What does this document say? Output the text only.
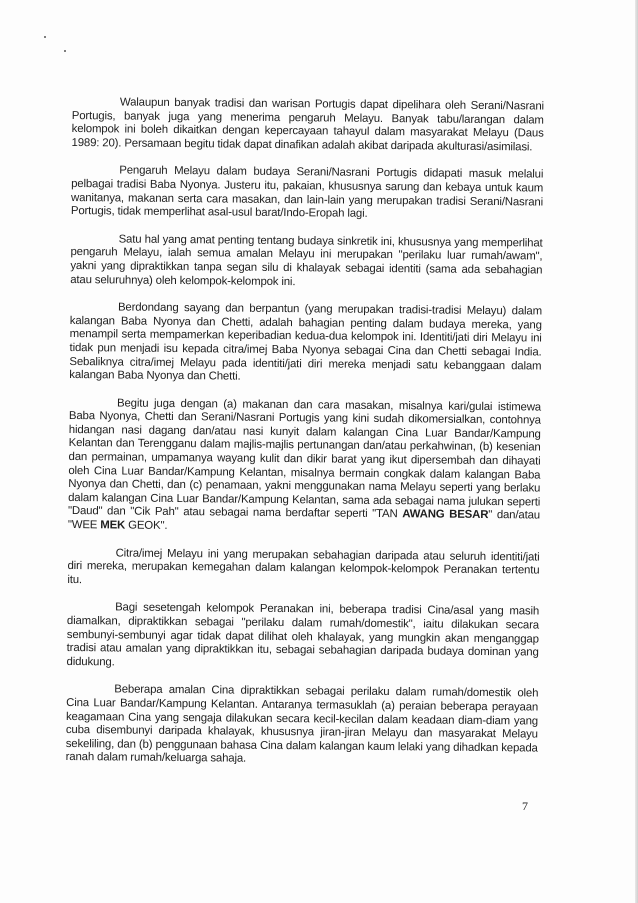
Walaupun banyak tradisi dan warisan Portugis dapat dipelihara oleh Serani/Nasrani Portugis, banyak juga yang menerima pengaruh Melayu. Banyak tabu/larangan dalam kelompok ini boleh dikaitkan dengan kepercayaan tahayul dalam masyarakat Melayu (Daus 1989: 20). Persamaan begitu tidak dapat dinafikan adalah akibat daripada akulturasi/asimilasi.

Pengaruh Melayu dalam budaya Serani/Nasrani Portugis didapati masuk melalui pelbagai tradisi Baba Nyonya. Justeru itu, pakaian, khususnya sarung dan kebaya untuk kaum wanitanya, makanan serta cara masakan, dan lain-lain yang merupakan tradisi Serani/Nasrani Portugis, tidak memperlihat asal-usul barat/Indo-Eropah lagi.

Satu hal yang amat penting tentang budaya sinkretik ini, khususnya yang memperlihat pengaruh Melayu, ialah semua amalan Melayu ini merupakan "perilaku luar rumah/awam", yakni yang dipraktikkan tanpa segan silu di khalayak sebagai identiti (sama ada sebahagian atau seluruhnya) oleh kelompok-kelompok ini.

Berdondang sayang dan berpantun (yang merupakan tradisi-tradisi Melayu) dalam kalangan Baba Nyonya dan Chetti, adalah bahagian penting dalam budaya mereka, yang menampil serta mempamerkan keperibadian kedua-dua kelompok ini. Identiti/jati diri Melayu ini tidak pun menjadi isu kepada citra/imej Baba Nyonya sebagai Cina dan Chetti sebagai India. Sebaliknya citra/imej Melayu pada identiti/jati diri mereka menjadi satu kebanggaan dalam kalangan Baba Nyonya dan Chetti.

Begitu juga dengan (a) makanan dan cara masakan, misalnya kari/gulai istimewa Baba Nyonya, Chetti dan Serani/Nasrani Portugis yang kini sudah dikomersialkan, contohnya hidangan nasi dagang dan/atau nasi kunyit dalam kalangan Cina Luar Bandar/Kampung Kelantan dan Terengganu dalam majlis-majlis pertunangan dan/atau perkahwinan, (b) kesenian dan permainan, umpamanya wayang kulit dan dikir barat yang ikut dipersembah dan dihayati oleh Cina Luar Bandar/Kampung Kelantan, misalnya bermain congkak dalam kalangan Baba Nyonya dan Chetti, dan (c) penamaan, yakni menggunakan nama Melayu seperti yang berlaku dalam kalangan Cina Luar Bandar/Kampung Kelantan, sama ada sebagai nama julukan seperti "Daud" dan "Cik Pah" atau sebagai nama berdaftar seperti "TAN AWANG BESAR" dan/atau "WEE MEK GEOK".

Citra/imej Melayu ini yang merupakan sebahagian daripada atau seluruh identiti/jati diri mereka, merupakan kemegahan dalam kalangan kelompok-kelompok Peranakan tertentu itu.

Bagi sesetengah kelompok Peranakan ini, beberapa tradisi Cina/asal yang masih diamalkan, dipraktikkan sebagai "perilaku dalam rumah/domestik", iaitu dilakukan secara sembunyi-sembunyi agar tidak dapat dilihat oleh khalayak, yang mungkin akan menganggap tradisi atau amalan yang dipraktikkan itu, sebagai sebahagian daripada budaya dominan yang didukung.

Beberapa amalan Cina dipraktikkan sebagai perilaku dalam rumah/domestik oleh Cina Luar Bandar/Kampung Kelantan. Antaranya termasuklah (a) peraian beberapa perayaan keagamaan Cina yang sengaja dilakukan secara kecil-kecilan dalam keadaan diam-diam yang cuba disembunyi daripada khalayak, khususnya jiran-jiran Melayu dan masyarakat Melayu sekeliling, dan (b) penggunaan bahasa Cina dalam kalangan kaum lelaki yang dihadkan kepada ranah dalam rumah/keluarga sahaja.

7
